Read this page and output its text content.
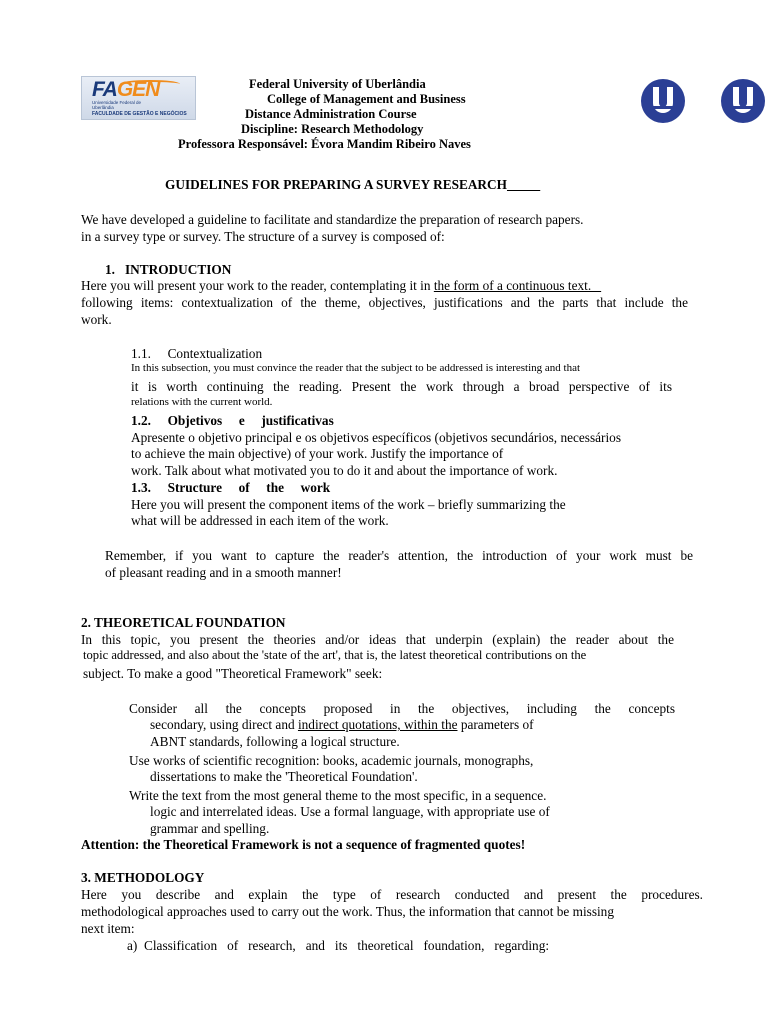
FAGEN
Universidade Federal de Uberlândia
FACULDADE DE GESTÃO E NEGÓCIOS
Federal University of Uberlândia
College of Management and Business
Distance Administration Course
Discipline: Research Methodology
Professora Responsável: Évora Mandim Ribeiro Naves
GUIDELINES FOR PREPARING A SURVEY RESEARCH
We have developed a guideline to facilitate and standardize the preparation of research papers.
in a survey type or survey. The structure of a survey is composed of:
1.   INTRODUCTION
Here you will present your work to the reader, contemplating it in the form of a continuous text.
following items: contextualization of the theme, objectives, justifications and the parts that include the
work.
1.1.     Contextualization
In this subsection, you must convince the reader that the subject to be addressed is interesting and that
it is worth continuing the reading. Present the work through a broad perspective of its
relations with the current world.
1.2.     Objetivos     e     justificativas
Apresente o objetivo principal e os objetivos específicos (objetivos secundários, necessários
to achieve the main objective) of your work. Justify the importance of
work. Talk about what motivated you to do it and about the importance of work.
1.3.     Structure     of     the     work
Here you will present the component items of the work – briefly summarizing the
what will be addressed in each item of the work.
Remember, if you want to capture the reader's attention, the introduction of your work must be
of pleasant reading and in a smooth manner!
2. THEORETICAL FOUNDATION
In this topic, you present the theories and/or ideas that underpin (explain) the reader about the
topic addressed, and also about the 'state of the art', that is, the latest theoretical contributions on the
subject. To make a good "Theoretical Framework" seek:
Consider all the concepts proposed in the objectives, including the concepts
secondary, using direct and indirect quotations, within the parameters of
ABNT standards, following a logical structure.
Use works of scientific recognition: books, academic journals, monographs,
dissertations to make the 'Theoretical Foundation'.
Write the text from the most general theme to the most specific, in a sequence.
logic and interrelated ideas. Use a formal language, with appropriate use of
grammar and spelling.
Attention: the Theoretical Framework is not a sequence of fragmented quotes!
3. METHODOLOGY
Here you describe and explain the type of research conducted and present the procedures.
methodological approaches used to carry out the work. Thus, the information that cannot be missing
next item:
a)  Classification   of   research,   and   its   theoretical   foundation,   regarding:
